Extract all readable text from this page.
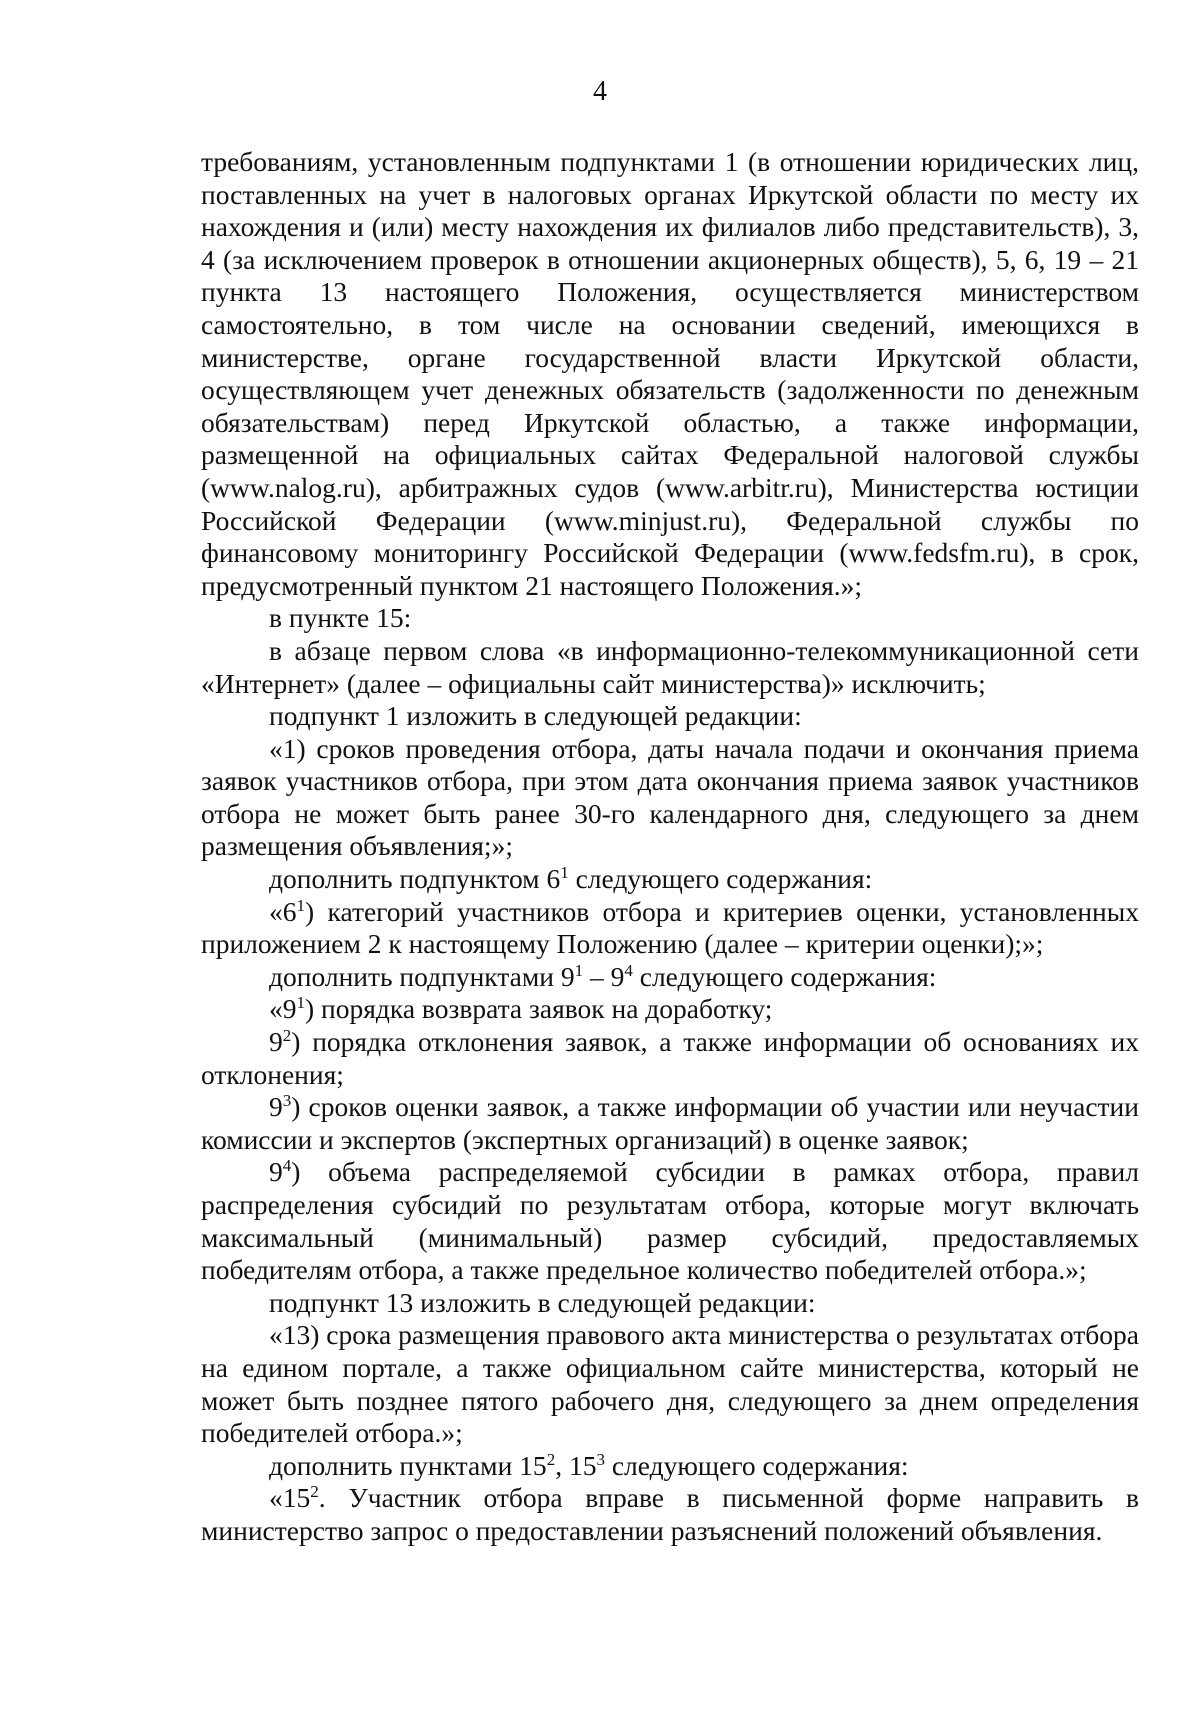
4

требованиям, установленным подпунктами 1 (в отношении юридических лиц, поставленных на учет в налоговых органах Иркутской области по месту их нахождения и (или) месту нахождения их филиалов либо представительств), 3, 4 (за исключением проверок в отношении акционерных обществ), 5, 6, 19 – 21 пункта 13 настоящего Положения, осуществляется министерством самостоятельно, в том числе на основании сведений, имеющихся в министерстве, органе государственной власти Иркутской области, осуществляющем учет денежных обязательств (задолженности по денежным обязательствам) перед Иркутской областью, а также информации, размещенной на официальных сайтах Федеральной налоговой службы (www.nalog.ru), арбитражных судов (www.arbitr.ru), Министерства юстиции Российской Федерации (www.minjust.ru), Федеральной службы по финансовому мониторингу Российской Федерации (www.fedsfm.ru), в срок, предусмотренный пунктом 21 настоящего Положения.»;

в пункте 15:

в абзаце первом слова «в информационно-телекоммуникационной сети «Интернет» (далее – официальны сайт министерства)» исключить;

подпункт 1 изложить в следующей редакции:

«1) сроков проведения отбора, даты начала подачи и окончания приема заявок участников отбора, при этом дата окончания приема заявок участников отбора не может быть ранее 30-го календарного дня, следующего за днем размещения объявления;»;

дополнить подпунктом $6^1$ следующего содержания:

«$6^1$) категорий участников отбора и критериев оценки, установленных приложением 2 к настоящему Положению (далее – критерии оценки);»;

дополнить подпунктами $9^1 - 9^4$ следующего содержания:

«$9^1$) порядка возврата заявок на доработку;

$9^2$) порядка отклонения заявок, а также информации об основаниях их отклонения;

$9^3$) сроков оценки заявок, а также информации об участии или неучастии комиссии и экспертов (экспертных организаций) в оценке заявок;

$9^4$) объема распределяемой субсидии в рамках отбора, правил распределения субсидий по результатам отбора, которые могут включать максимальный (минимальный) размер субсидий, предоставляемых победителям отбора, а также предельное количество победителей отбора.»;

подпункт 13 изложить в следующей редакции:

«13) срока размещения правового акта министерства о результатах отбора на едином портале, а также официальном сайте министерства, который не может быть позднее пятого рабочего дня, следующего за днем определения победителей отбора.»;

дополнить пунктами $15^2$, $15^3$ следующего содержания:

«$15^2$. Участник отбора вправе в письменной форме направить в министерство запрос о предоставлении разъяснений положений объявления.
